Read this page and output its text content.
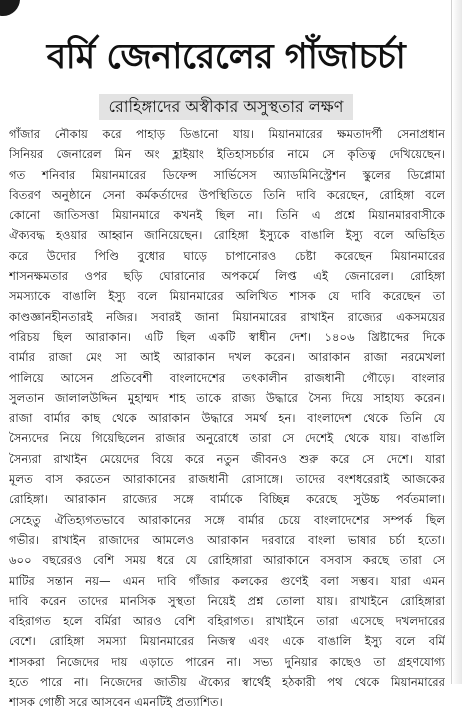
বর্মি জেনারেলের গাঁজাচর্চা
রোহিঙ্গাদের অস্বীকার অসুস্থতার লক্ষণ
গাঁজার নৌকায় করে পাহাড় ডিঙানো যায়। মিয়ানমারের ক্ষমতাদর্পী সেনাপ্রধান
সিনিয়র জেনারেল মিন অং হ্লাইয়াং ইতিহাসচর্চার নামে সে কৃতিত্ব দেখিয়েছেন।
গত শনিবার মিয়ানমারের ডিফেন্স সার্ভিসেস অ্যাডমিনিস্ট্রেশন স্কুলের ডিপ্লোমা
বিতরণ অনুষ্ঠানে সেনা কর্মকর্তাদের উপস্থিতিতে তিনি দাবি করেছেন, রোহিঙ্গা বলে
কোনো জাতিসত্তা মিয়ানমারে কখনই ছিল না। তিনি এ প্রশ্নে মিয়ানমারবাসীকে
ঐক্যবদ্ধ হওয়ার আহ্বান জানিয়েছেন। রোহিঙ্গা ইস্যুকে বাঙালি ইস্যু বলে অভিহিত
করে উদোর পিণ্ডি বুধোর ঘাড়ে চাপানোরও চেষ্টা করেছেন মিয়ানমারের
শাসনক্ষমতার ওপর ছড়ি ঘোরানোর অপকর্মে লিপ্ত এই জেনারেল। রোহিঙ্গা
সমস্যাকে বাঙালি ইস্যু বলে মিয়ানমারের অলিখিত শাসক যে দাবি করেছেন তা
কাণ্ডজ্ঞানহীনতারই নজির। সবারই জানা মিয়ানমারের রাখাইন রাজ্যের একসময়ের
পরিচয় ছিল আরাকান। এটি ছিল একটি স্বাধীন দেশ। ১৪০৬ খ্রিষ্টাব্দের দিকে
বার্মার রাজা মেং সা আই আরাকান দখল করেন। আরাকান রাজা নরমেখলা
পালিয়ে আসেন প্রতিবেশী বাংলাদেশের তৎকালীন রাজধানী গৌড়ে। বাংলার
সুলতান জালালউদ্দিন মুহাম্মদ শাহ তাকে রাজ্য উদ্ধারে সৈন্য দিয়ে সাহায্য করেন।
রাজা বার্মার কাছ থেকে আরাকান উদ্ধারে সমর্থ হন। বাংলাদেশ থেকে তিনি যে
সৈন্যদের নিয়ে গিয়েছিলেন রাজার অনুরোধে তারা সে দেশেই থেকে যায়। বাঙালি
সৈন্যরা রাখাইন মেয়েদের বিয়ে করে নতুন জীবনও শুরু করে সে দেশে। যারা
মূলত বাস করতেন আরাকানের রাজধানী রোসাঙ্গে। তাদের বংশধরেরাই আজকের
রোহিঙ্গা। আরাকান রাজ্যের সঙ্গে বার্মাকে বিচ্ছিন্ন করেছে সুউচ্চ পর্বতমালা।
সেহেতু ঐতিহ্যগতভাবে আরাকানের সঙ্গে বার্মার চেয়ে বাংলাদেশের সম্পর্ক ছিল
গভীর। রাখাইন রাজাদের আমলেও আরাকান দরবারে বাংলা ভাষার চর্চা হতো।
৬০০ বছরেরও বেশি সময় ধরে যে রোহিঙ্গারা আরাকানে বসবাস করছে তারা সে
মাটির সন্তান নয়— এমন দাবি গাঁজার কলকের গুণেই বলা সম্ভব। যারা এমন
দাবি করেন তাদের মানসিক সুস্থতা নিয়েই প্রশ্ন তোলা যায়। রাখাইনে রোহিঙ্গারা
বহিরাগত হলে বর্মিরা আরও বেশি বহিরাগত। রাখাইনে তারা এসেছে দখলদারের
বেশে। রোহিঙ্গা সমস্যা মিয়ানমারের নিজস্ব এবং একে বাঙালি ইস্যু বলে বর্মি
শাসকরা নিজেদের দায় এড়াতে পারেন না। সভ্য দুনিয়ার কাছেও তা গ্রহণযোগ্য
হতে পারে না। নিজেদের জাতীয় ঐক্যের স্বার্থেই হঠকারী পথ থেকে মিয়ানমারের
শাসক গোষ্ঠী সরে আসবেন এমনটিই প্রত্যাশিত।
